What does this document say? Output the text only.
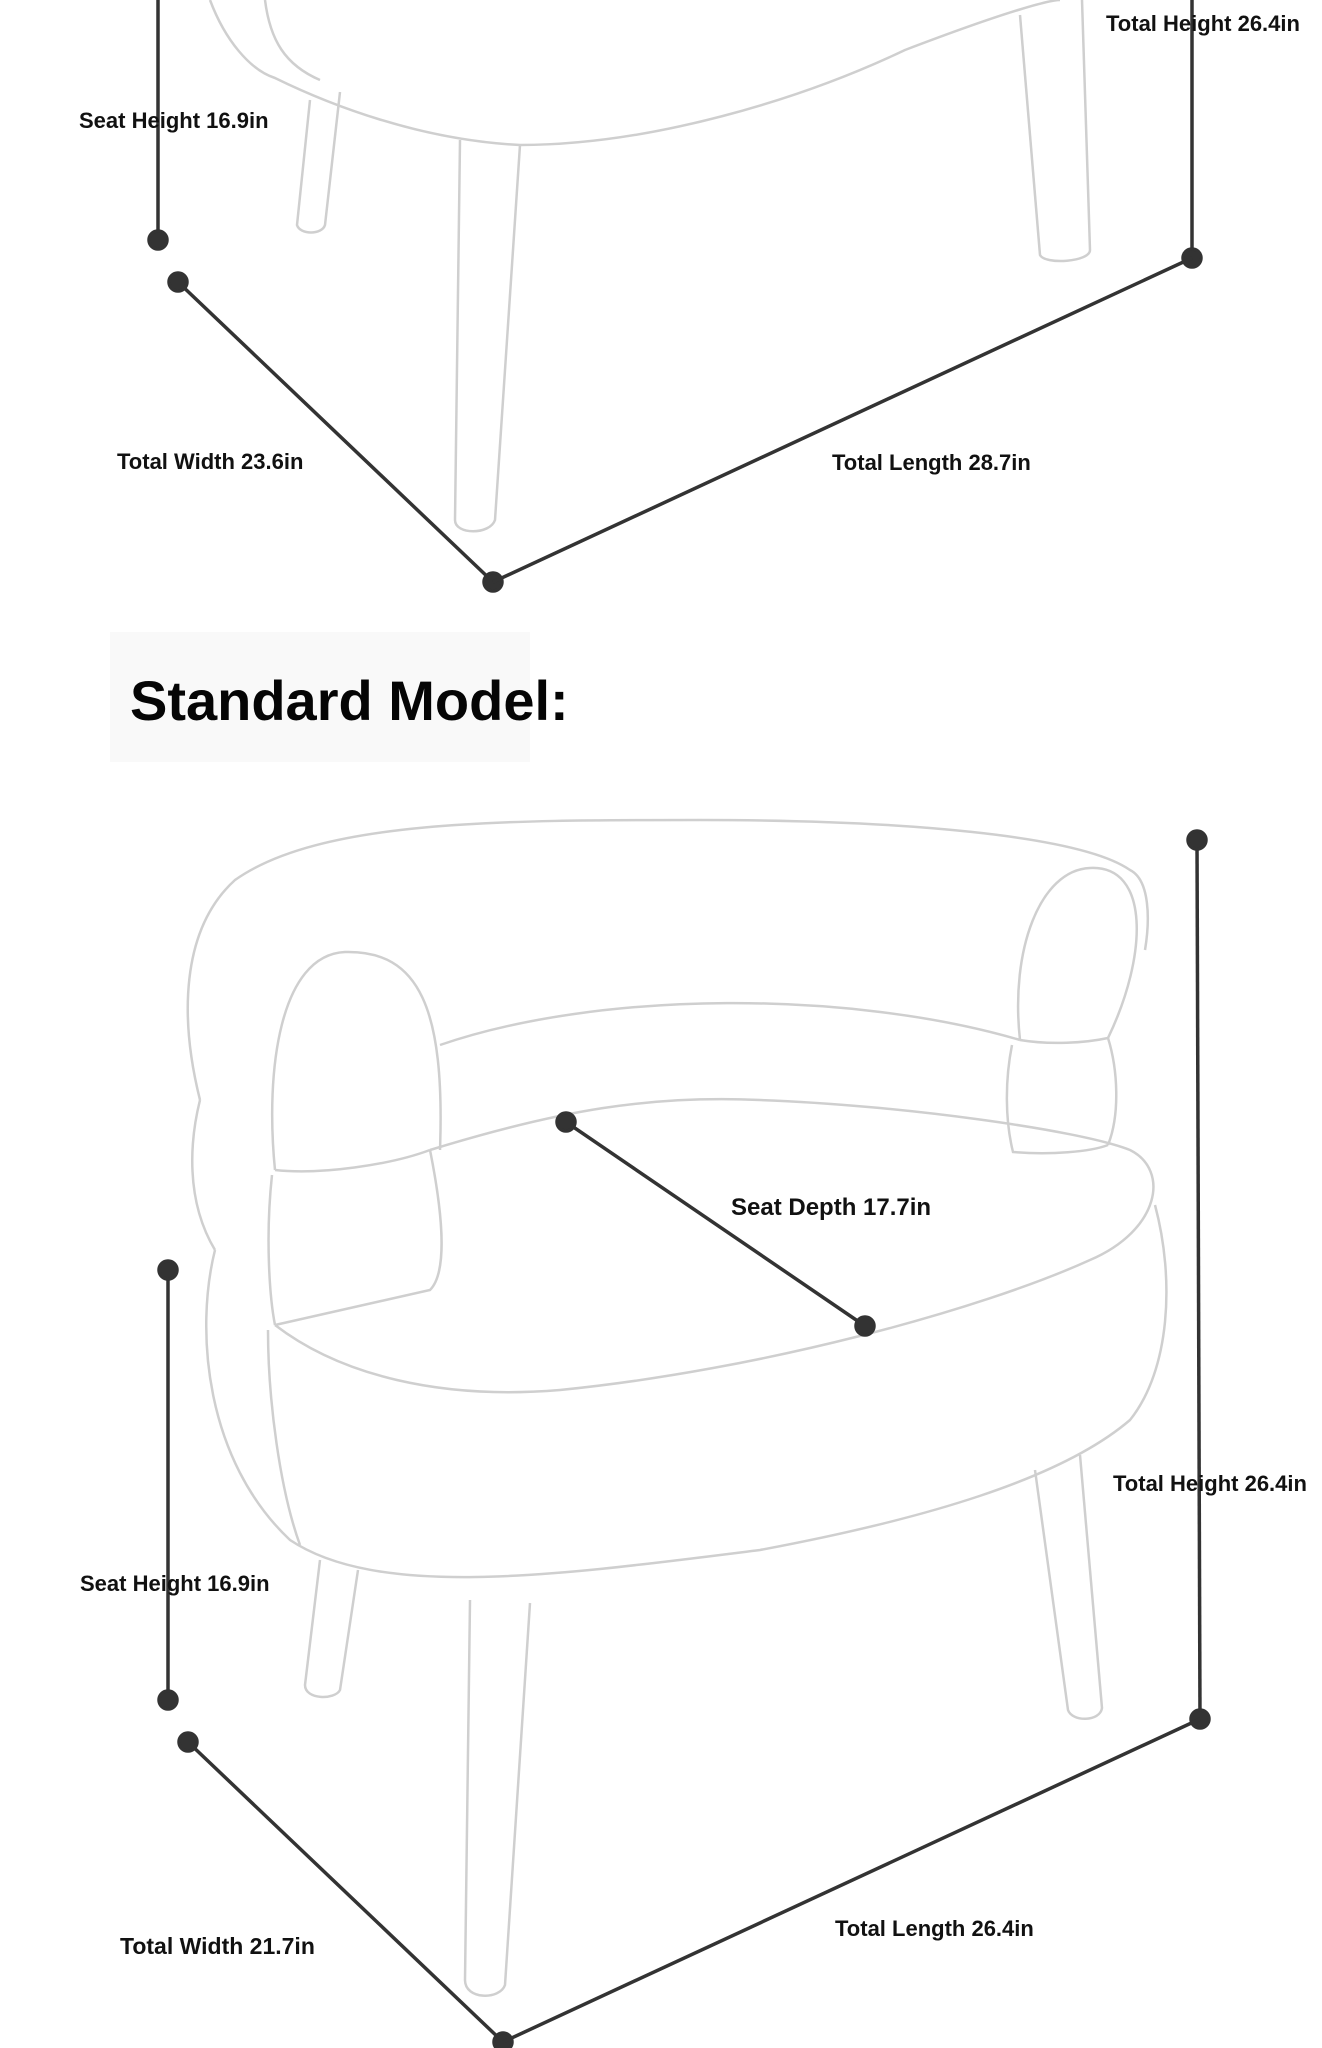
Seat Height 16.9in
Total Height 26.4in
Total Width 23.6in	Total Length 28.7in
Standard Model:
Seat Depth 17.7in
Seat Height 16.9in
Total Height 26.4in
Total Width 21.7in
Total Length 26.4in
